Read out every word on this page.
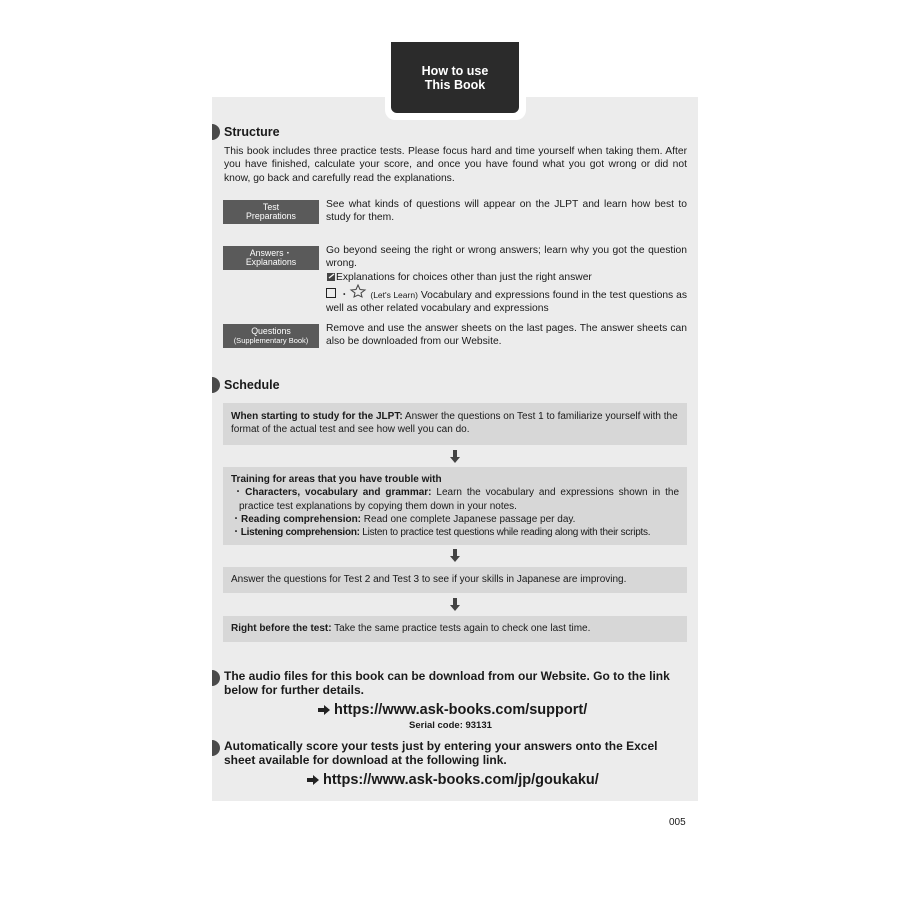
How to use
This Book
Structure
This book includes three practice tests. Please focus hard and time yourself when taking them. After you have finished, calculate your score, and once you have found what you got wrong or did not know, go back and carefully read the explanations.
Test
Preparations
See what kinds of questions will appear on the JLPT and learn how best to study for them.
Answers・
Explanations
Go beyond seeing the right or wrong answers; learn why you got the question wrong.
Explanations for choices other than just the right answer
・ (Let's Learn) Vocabulary and expressions found in the test questions as well as other related vocabulary and expressions
Questions
(Supplementary Book)
Remove and use the answer sheets on the last pages. The answer sheets can also be downloaded from our Website.
Schedule
When starting to study for the JLPT: Answer the questions on Test 1 to familiarize yourself with the format of the actual test and see how well you can do.
Training for areas that you have trouble with
・Characters, vocabulary and grammar: Learn the vocabulary and expressions shown in the practice test explanations by copying them down in your notes.
・Reading comprehension: Read one complete Japanese passage per day.
・Listening comprehension: Listen to practice test questions while reading along with their scripts.
Answer the questions for Test 2 and Test 3 to see if your skills in Japanese are improving.
Right before the test: Take the same practice tests again to check one last time.
The audio files for this book can be download from our Website. Go to the link below for further details.
https://www.ask-books.com/support/
Serial code: 93131
Automatically score your tests just by entering your answers onto the Excel sheet available for download at the following link.
https://www.ask-books.com/jp/goukaku/
005
